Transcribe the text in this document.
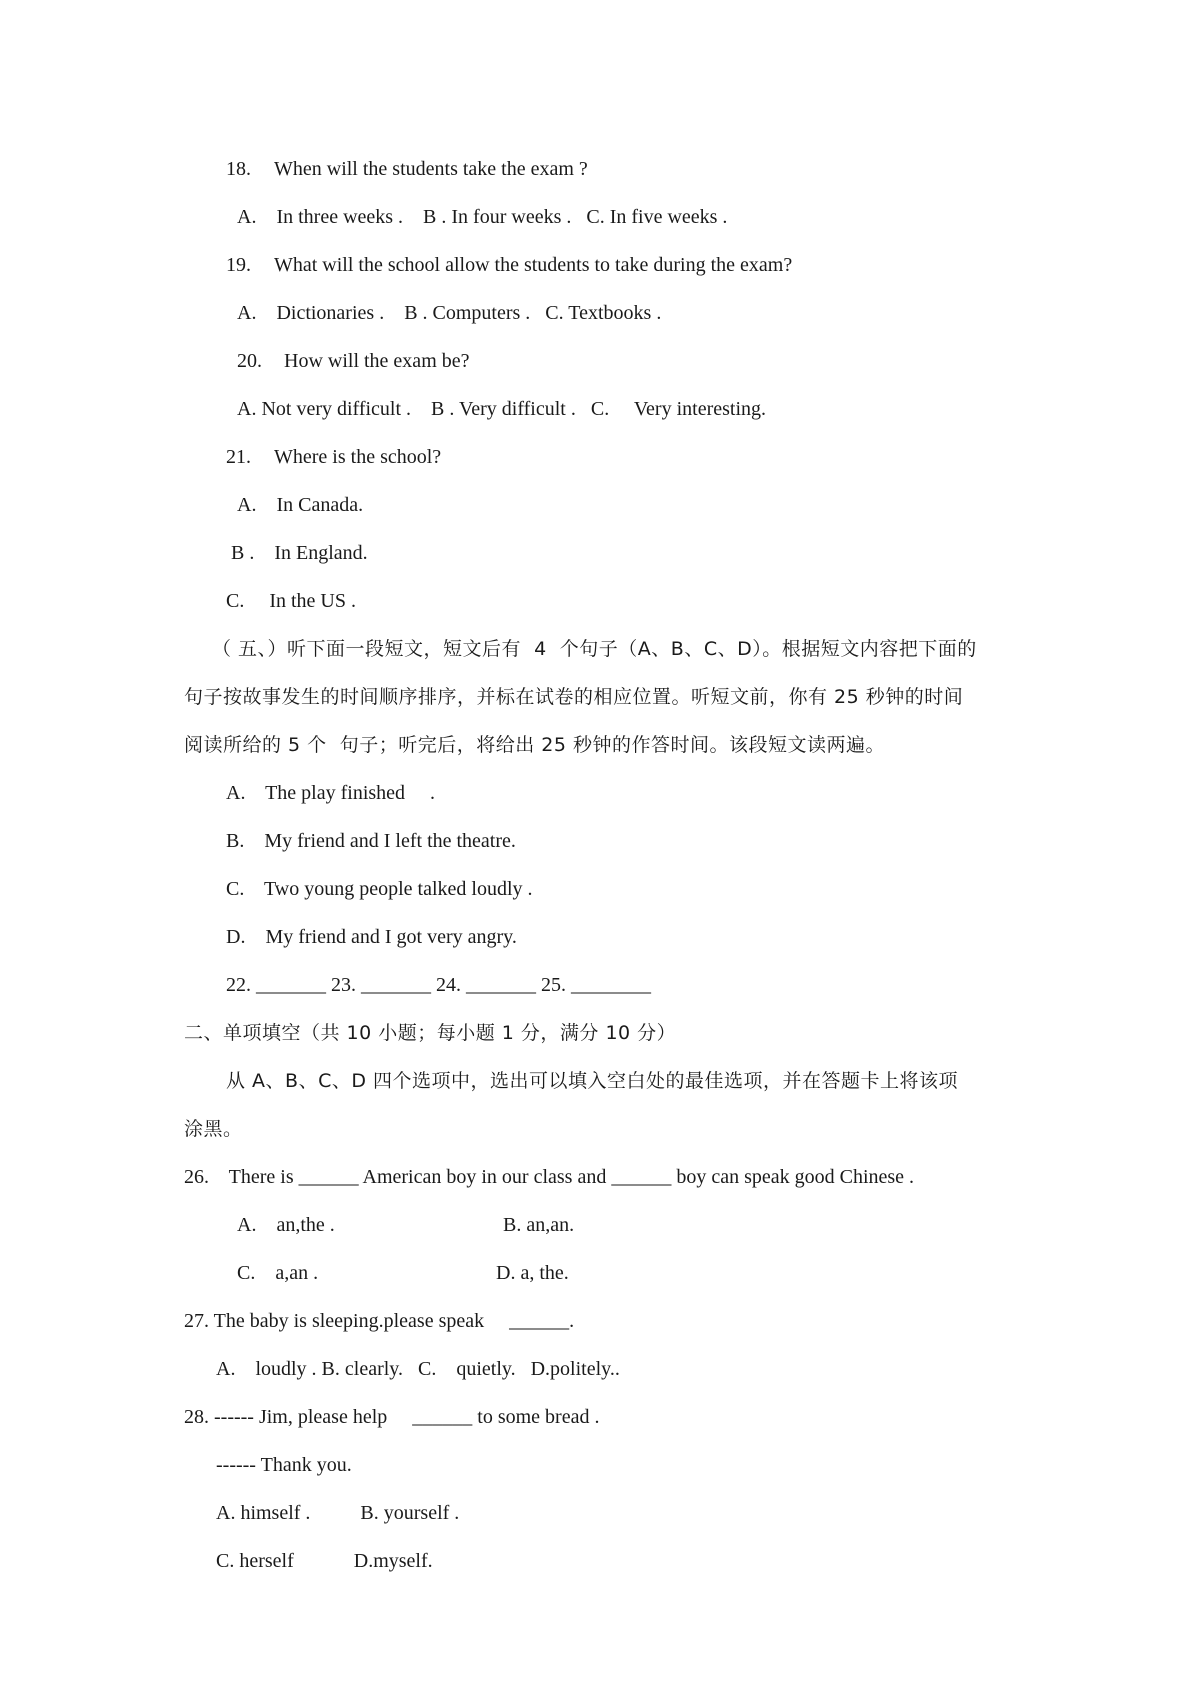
18. When will the students take the exam ?
A.    In three weeks .    B . In four weeks .   C. In five weeks .
19. What will the school allow the students to take during the exam?
A.    Dictionaries .    B . Computers .   C. Textbooks .
20. How will the exam be?
A. Not very difficult .    B . Very difficult .   C.     Very interesting.
21. Where is the school?
A.    In Canada.
B .    In England.
C.     In the US .
（ 五、）听下面一段短文，短文后有  4  个句子（A、B、C、D）。根据短文内容把下面的
句子按故事发生的时间顺序排序，并标在试卷的相应位置。听短文前，你有 25 秒钟的时间
阅读所给的 5 个  句子；听完后，将给出 25 秒钟的作答时间。该段短文读两遍。
A.    The play finished     .
B.    My friend and I left the theatre.
C.    Two young people talked loudly .
D.    My friend and I got very angry.
22. _______ 23. _______ 24. _______ 25. ________
二、单项填空（共 10 小题；每小题 1 分，满分 10 分）
从 A、B、C、D 四个选项中，选出可以填入空白处的最佳选项，并在答题卡上将该项
涂黑。
26.    There is ______ American boy in our class and ______ boy can speak good Chinese .
A.    an,the .	B. an,an.
C.    a,an .	D. a, the.
27. The baby is sleeping.please speak     ______.
A.    loudly . B. clearly.   C.    quietly.   D.politely..
28. ------ Jim, please help     ______ to some bread .
------ Thank you.
A. himself .          B. yourself .
C. herself            D.myself.
